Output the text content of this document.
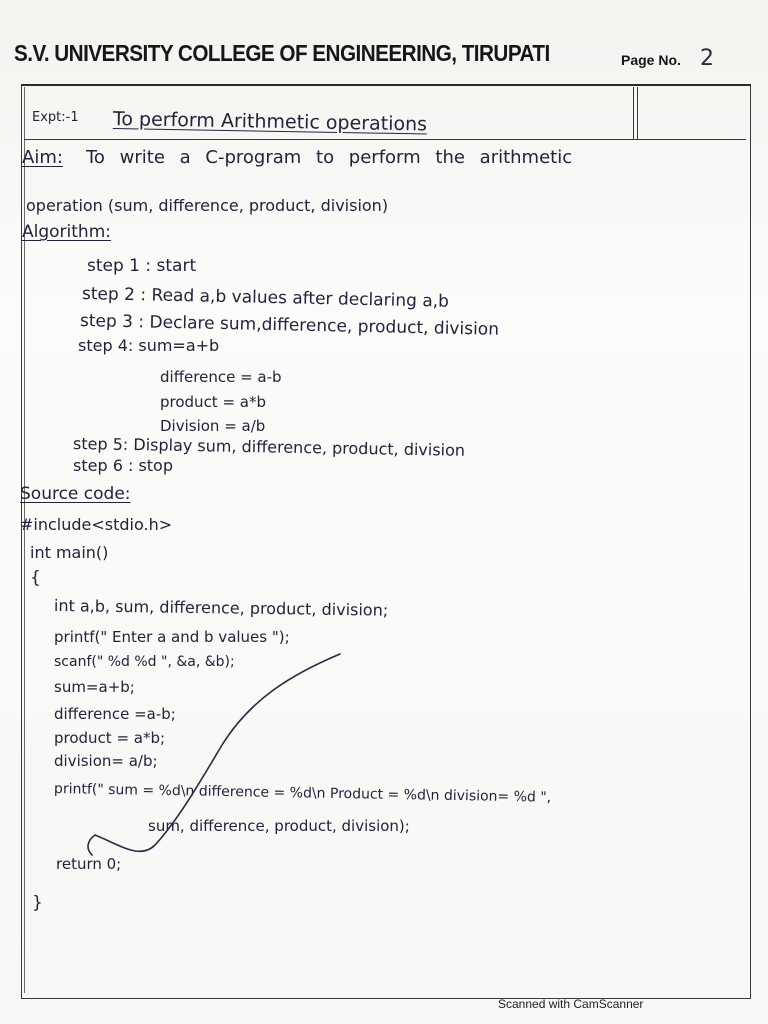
S.V. UNIVERSITY COLLEGE OF ENGINEERING, TIRUPATI	Page No. 2
Expt:-1 To perform Arithmetic operations
Aim: To write a C-program to perform the arithmetic
operation (sum, difference, product, division)
Algorithm:
step 1 : start
step 2 : Read a,b values after declaring a,b
step 3 : Declare sum,difference, product, division
step 4: sum=a+b
difference = a-b
product = a*b
Division = a/b
step 5: Display sum, difference, product, division
step 6 : stop
Source code:
#include<stdio.h>
int main()
{
int a,b, sum, difference, product, division;
printf(" Enter a and b values ");
scanf(" %d %d ", &a, &b);
sum=a+b;
difference =a-b;
product = a*b;
division= a/b;
printf(" sum = %d\n difference = %d\n Product = %d\n division= %d ",
sum, difference, product, division);
return 0;
}
Scanned with CamScanner
